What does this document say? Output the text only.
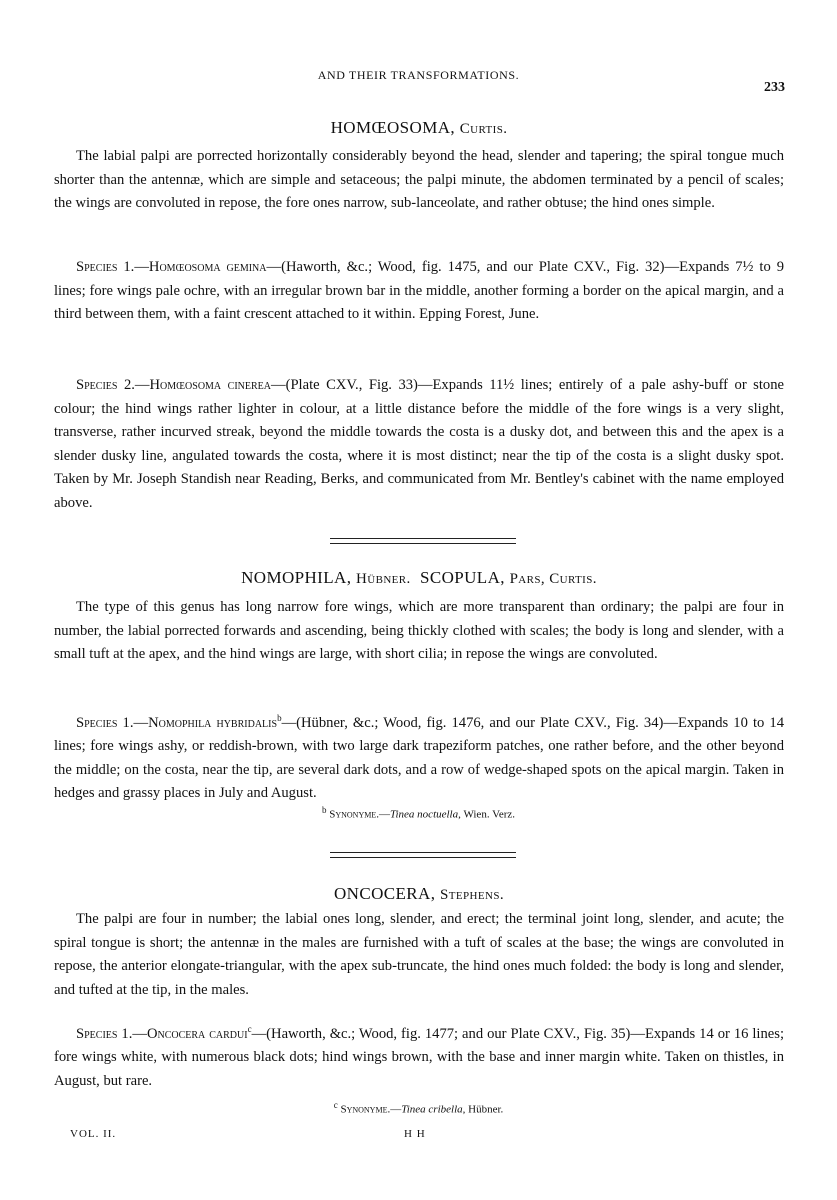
AND THEIR TRANSFORMATIONS.
233
HOMŒOSOMA, Curtis.

The labial palpi are porrected horizontally considerably beyond the head, slender and tapering; the spiral tongue much shorter than the antennæ, which are simple and setaceous; the palpi minute, the abdomen terminated by a pencil of scales; the wings are convoluted in repose, the fore ones narrow, sub-lanceolate, and rather obtuse; the hind ones simple.

Species 1.—Homœosoma gemina—(Haworth, &c.; Wood, fig. 1475, and our Plate CXV., Fig. 32)—Expands 7½ to 9 lines; fore wings pale ochre, with an irregular brown bar in the middle, another forming a border on the apical margin, and a third between them, with a faint crescent attached to it within. Epping Forest, June.

Species 2.—Homœosoma cinerea—(Plate CXV., Fig. 33)—Expands 11½ lines; entirely of a pale ashy-buff or stone colour; the hind wings rather lighter in colour, at a little distance before the middle of the fore wings is a very slight, transverse, rather incurved streak, beyond the middle towards the costa is a dusky dot, and between this and the apex is a slender dusky line, angulated towards the costa, where it is most distinct; near the tip of the costa is a slight dusky spot. Taken by Mr. Joseph Standish near Reading, Berks, and communicated from Mr. Bentley's cabinet with the name employed above.

NOMOPHILA, Hübner. SCOPULA, Pars, Curtis.

The type of this genus has long narrow fore wings, which are more transparent than ordinary; the palpi are four in number, the labial porrected forwards and ascending, being thickly clothed with scales; the body is long and slender, with a small tuft at the apex, and the hind wings are large, with short cilia; in repose the wings are convoluted.

Species 1.—Nomophila hybridalis$^b$—(Hübner, &c.; Wood, fig. 1476, and our Plate CXV., Fig. 34)—Expands 10 to 14 lines; fore wings ashy, or reddish-brown, with two large dark trapeziform patches, one rather before, and the other beyond the middle; on the costa, near the tip, are several dark dots, and a row of wedge-shaped spots on the apical margin. Taken in hedges and grassy places in July and August.

$^b$ Synonyme.—Tinea noctuella, Wien. Verz.
ONCOCERA, Stephens.

The palpi are four in number; the labial ones long, slender, and erect; the terminal joint long, slender, and acute; the spiral tongue is short; the antennæ in the males are furnished with a tuft of scales at the base; the wings are convoluted in repose, the anterior elongate-triangular, with the apex sub-truncate, the hind ones much folded: the body is long and slender, and tufted at the tip, in the males.

Species 1.—Oncocera cardui$^c$—(Haworth, &c.; Wood, fig. 1477; and our Plate CXV., Fig. 35)—Expands 14 or 16 lines; fore wings white, with numerous black dots; hind wings brown, with the base and inner margin white. Taken on thistles, in August, but rare.

$^c$ Synonyme.—Tinea cribella, Hübner.
VOL. II.	H H
